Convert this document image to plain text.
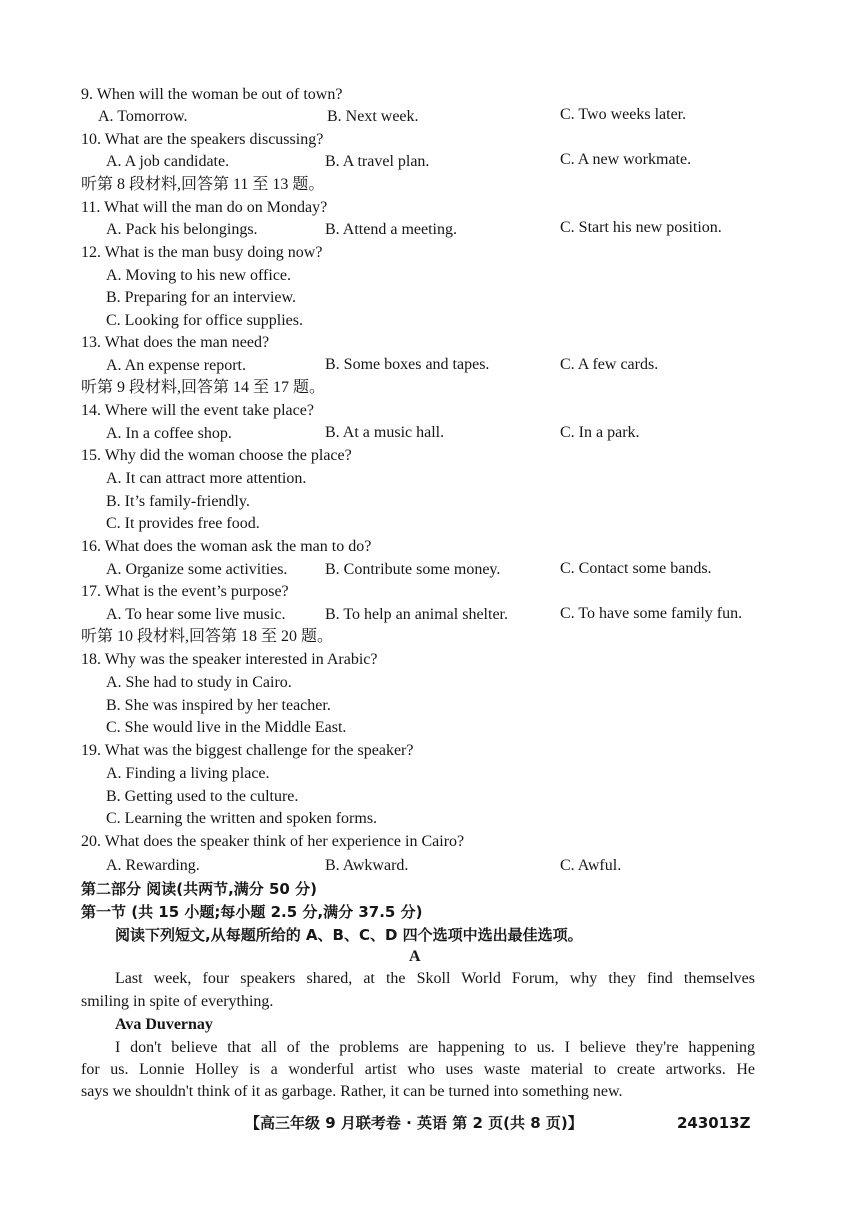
9. When will the woman be out of town?
A. Tomorrow.	B. Next week.	C. Two weeks later.
10. What are the speakers discussing?
A. A job candidate.	B. A travel plan.	C. A new workmate.
听第 8 段材料,回答第 11 至 13 题。
11. What will the man do on Monday?
A. Pack his belongings.	B. Attend a meeting.	C. Start his new position.
12. What is the man busy doing now?
A. Moving to his new office.
B. Preparing for an interview.
C. Looking for office supplies.
13. What does the man need?
A. An expense report.	B. Some boxes and tapes.	C. A few cards.
听第 9 段材料,回答第 14 至 17 题。
14. Where will the event take place?
A. In a coffee shop.	B. At a music hall.	C. In a park.
15. Why did the woman choose the place?
A. It can attract more attention.
B. It’s family-friendly.
C. It provides free food.
16. What does the woman ask the man to do?
A. Organize some activities. B. Contribute some money.	C. Contact some bands.
17. What is the event’s purpose?
A. To hear some live music. B. To help an animal shelter.	C. To have some family fun.
听第 10 段材料,回答第 18 至 20 题。
18. Why was the speaker interested in Arabic?
A. She had to study in Cairo.
B. She was inspired by her teacher.
C. She would live in the Middle East.
19. What was the biggest challenge for the speaker?
A. Finding a living place.
B. Getting used to the culture.
C. Learning the written and spoken forms.
20. What does the speaker think of her experience in Cairo?
A. Rewarding.	B. Awkward.	C. Awful.
第二部分 阅读(共两节,满分 50 分)
第一节 (共 15 小题;每小题 2.5 分,满分 37.5 分)
阅读下列短文,从每题所给的 A、B、C、D 四个选项中选出最佳选项。
A
Last week, four speakers shared, at the Skoll World Forum, why they find themselves
smiling in spite of everything.
Ava Duvernay
I don't believe that all of the problems are happening to us. I believe they're happening
for us. Lonnie Holley is a wonderful artist who uses waste material to create artworks. He
says we shouldn't think of it as garbage. Rather, it can be turned into something new.
【高三年级 9 月联考卷 · 英语 第 2 页(共 8 页)】	243013Z
